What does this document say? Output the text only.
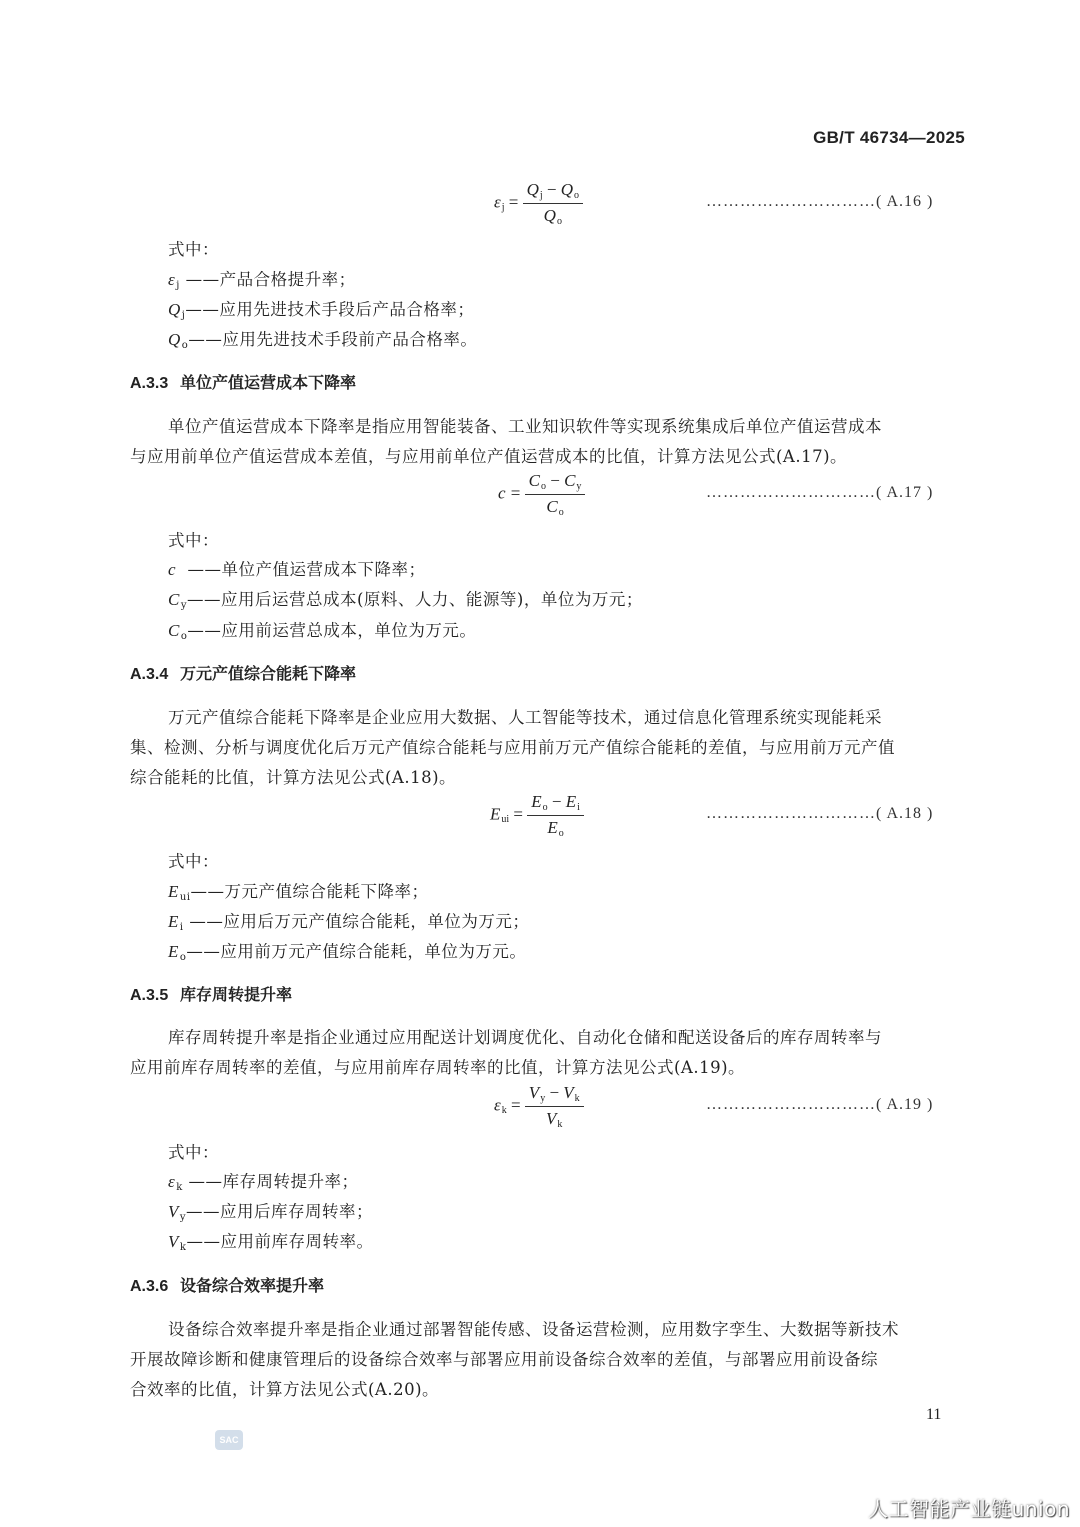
GB/T 46734—2025
$\varepsilon_j = \frac{Q_j - Q_o}{Q_o}$	…………………………( A.16 )
式中：
$\varepsilon_j$ ——产品合格提升率；
$Q_j——$应用先进技术手段后产品合格率；
$Q_o——$应用先进技术手段前产品合格率。
A.3.3 单位产值运营成本下降率
单位产值运营成本下降率是指应用智能装备、工业知识软件等实现系统集成后单位产值运营成本
与应用前单位产值运营成本差值，与应用前单位产值运营成本的比值，计算方法见公式(A.17)。
$c = \frac{C_o - C_y}{C_o}$	…………………………( A.17 )
式中：
c ——单位产值运营成本下降率；
$C_y——$应用后运营总成本(原料、人力、能源等)，单位为万元；
$C_o——$应用前运营总成本，单位为万元。
A.3.4 万元产值综合能耗下降率
万元产值综合能耗下降率是企业应用大数据、人工智能等技术，通过信息化管理系统实现能耗采
集、检测、分析与调度优化后万元产值综合能耗与应用前万元产值综合能耗的差值，与应用前万元产值
综合能耗的比值，计算方法见公式(A.18)。
$E_{ui} = \frac{E_o - E_i}{E_o}$	…………………………( A.18 )
式中：
$E_{ui}——$万元产值综合能耗下降率；
$E_i$ ——应用后万元产值综合能耗，单位为万元；
$E_o——$应用前万元产值综合能耗，单位为万元。
A.3.5 库存周转提升率
库存周转提升率是指企业通过应用配送计划调度优化、自动化仓储和配送设备后的库存周转率与
应用前库存周转率的差值，与应用前库存周转率的比值，计算方法见公式(A.19)。
$\varepsilon_k = \frac{V_y - V_k}{V_k}$	…………………………( A.19 )
式中：
$\varepsilon_k$ ——库存周转提升率；
$V_y——$应用后库存周转率；
$V_k——$应用前库存周转率。
A.3.6 设备综合效率提升率
设备综合效率提升率是指企业通过部署智能传感、设备运营检测，应用数字孪生、大数据等新技术
开展故障诊断和健康管理后的设备综合效率与部署应用前设备综合效率的差值，与部署应用前设备综
合效率的比值，计算方法见公式(A.20)。
11
SAC
人工智能产业链union
